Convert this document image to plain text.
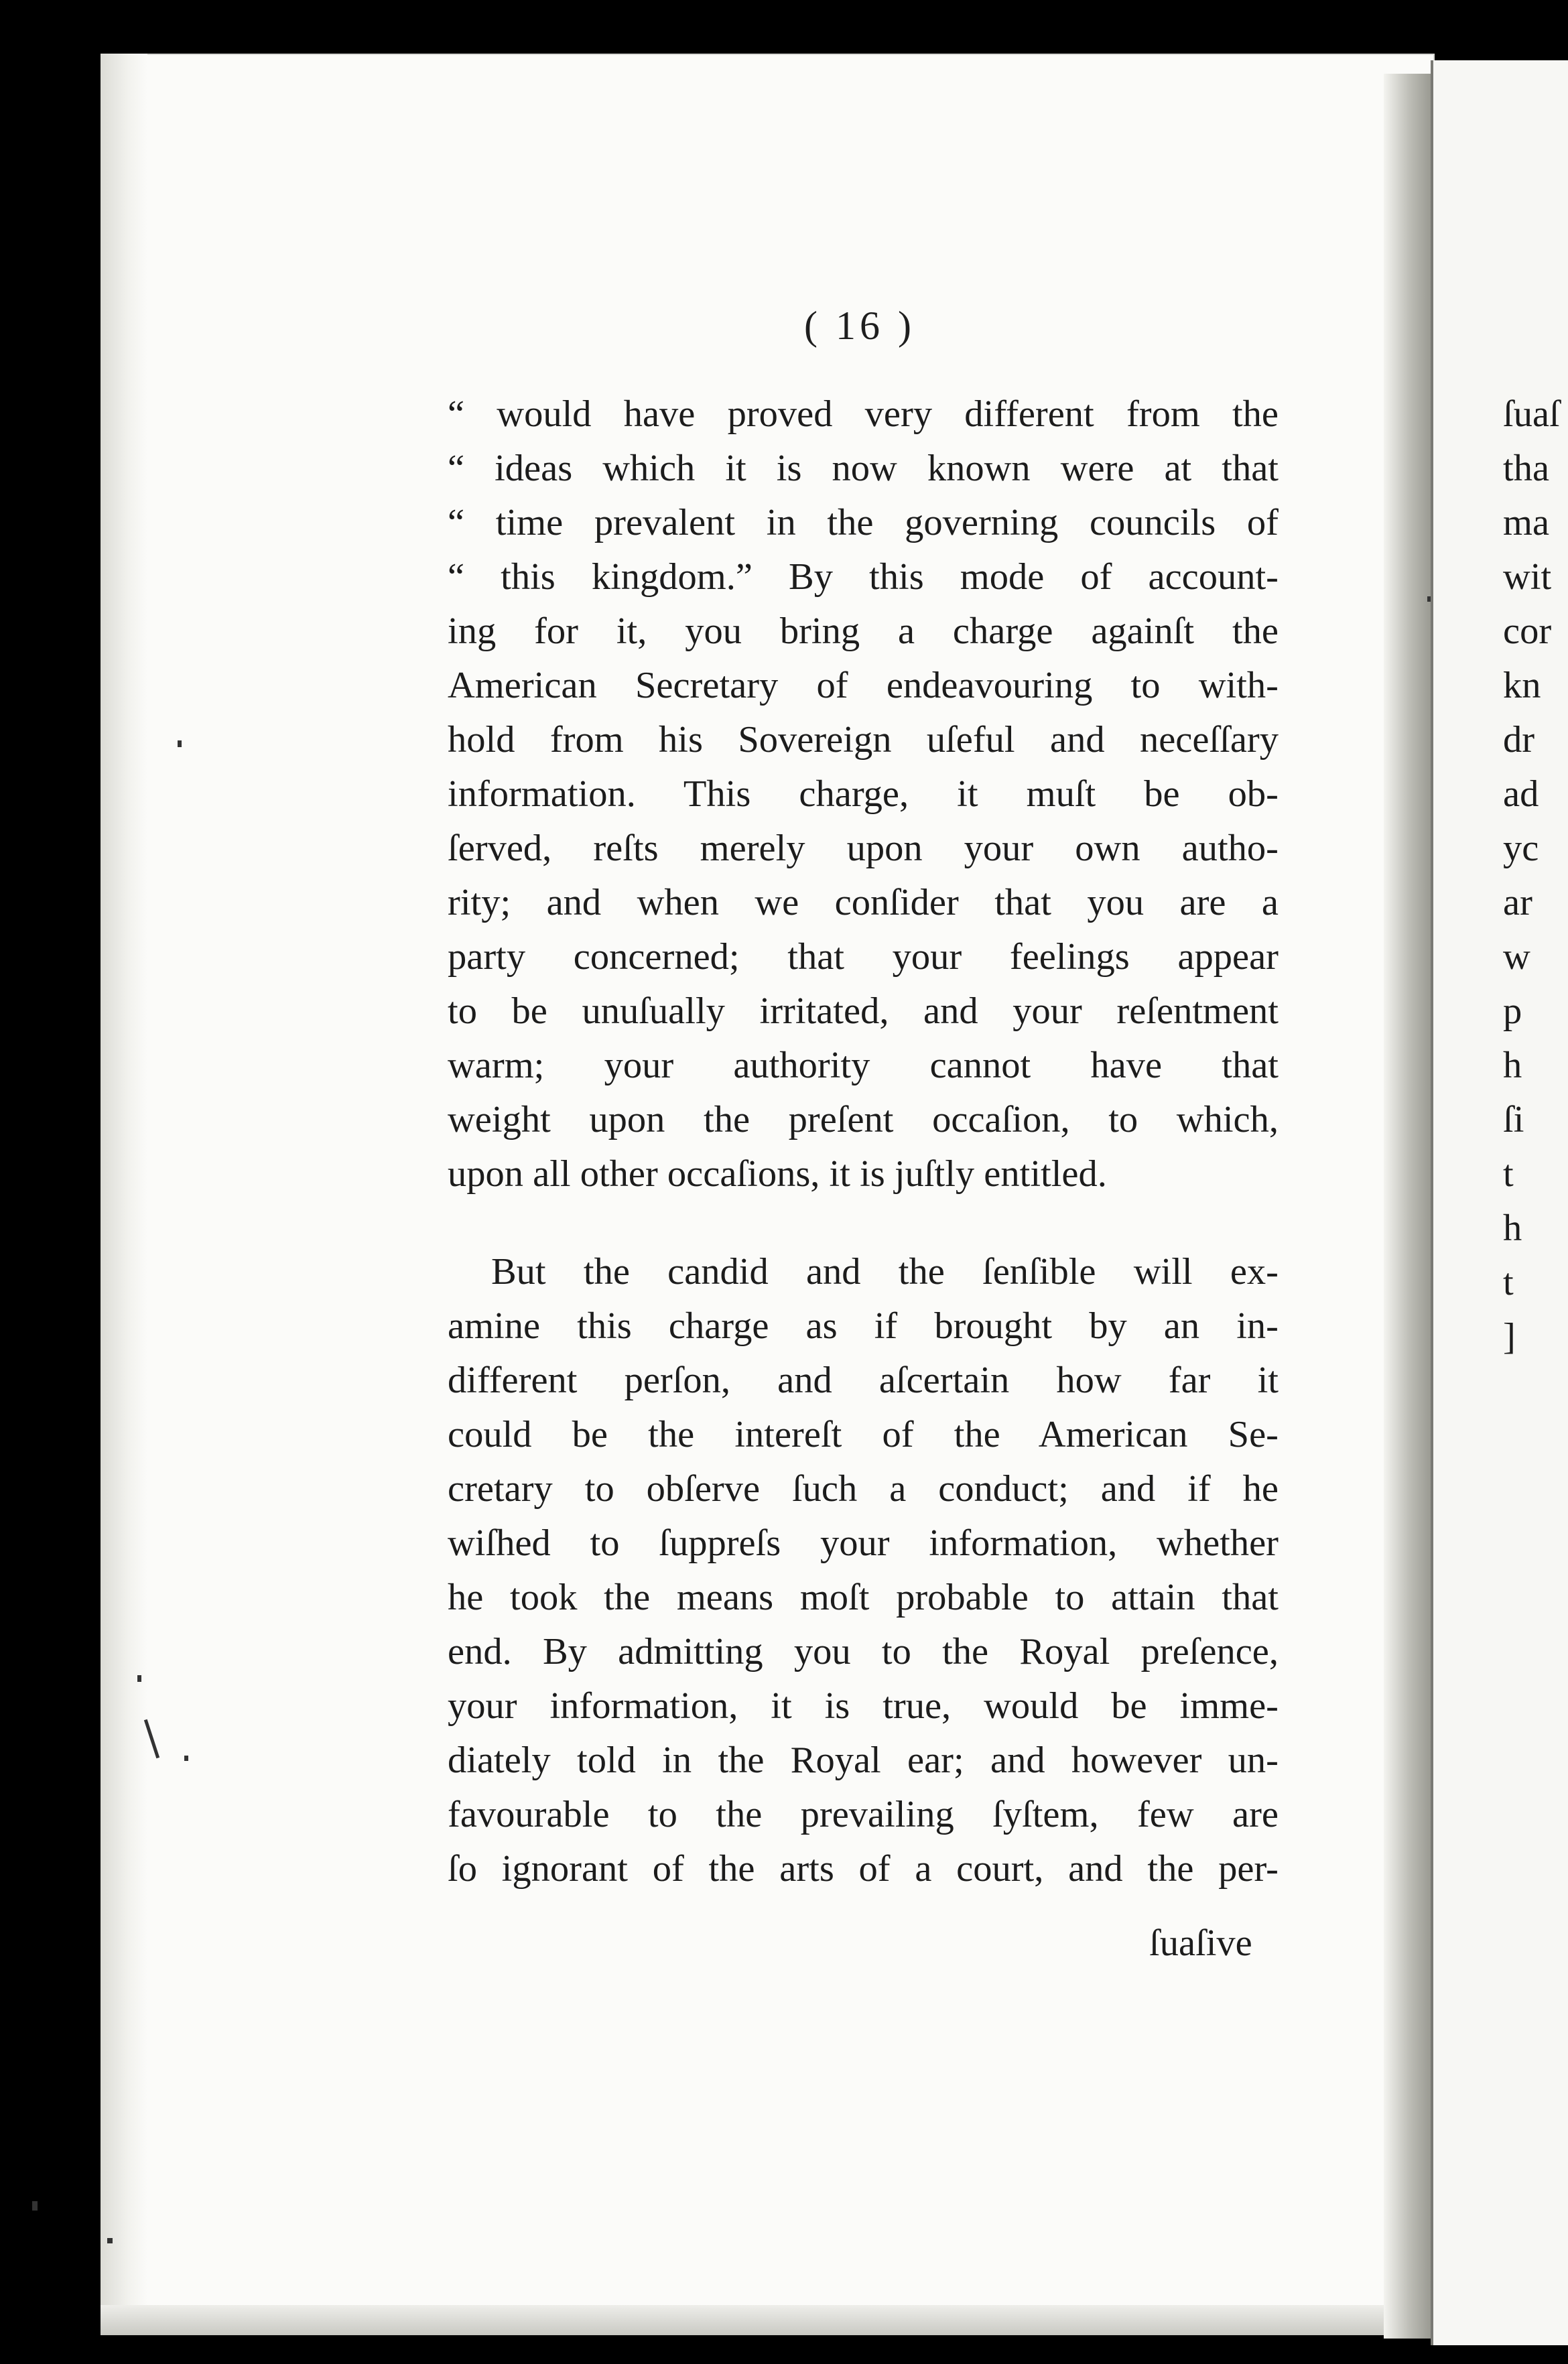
( 16 )
“ would have proved very different from the
“ ideas which it is now known were at that
“ time prevalent in the governing councils of
“ this kingdom.” By this mode of account-
ing for it, you bring a charge againſt the
American Secretary of endeavouring to with-
hold from his Sovereign uſeful and neceſſary
information. This charge, it muſt be ob-
ſerved, reſts merely upon your own autho-
rity; and when we conſider that you are a
party concerned; that your feelings appear
to be unuſually irritated, and your reſentment
warm; your authority cannot have that
weight upon the preſent occaſion, to which,
upon all other occaſions, it is juſtly entitled.
But the candid and the ſenſible will ex-
amine this charge as if brought by an in-
different perſon, and aſcertain how far it
could be the intereſt of the American Se-
cretary to obſerve ſuch a conduct; and if he
wiſhed to ſuppreſs your information, whether
he took the means moſt probable to attain that
end. By admitting you to the Royal preſence,
your information, it is true, would be imme-
diately told in the Royal ear; and however un-
favourable to the prevailing ſyſtem, few are
ſo ignorant of the arts of a court, and the per-
ſuaſive
ſuaſ
tha
ma
wit
cor
kn
dr
ad
yc
ar
w
p
h
ſi
t
h
t
]
